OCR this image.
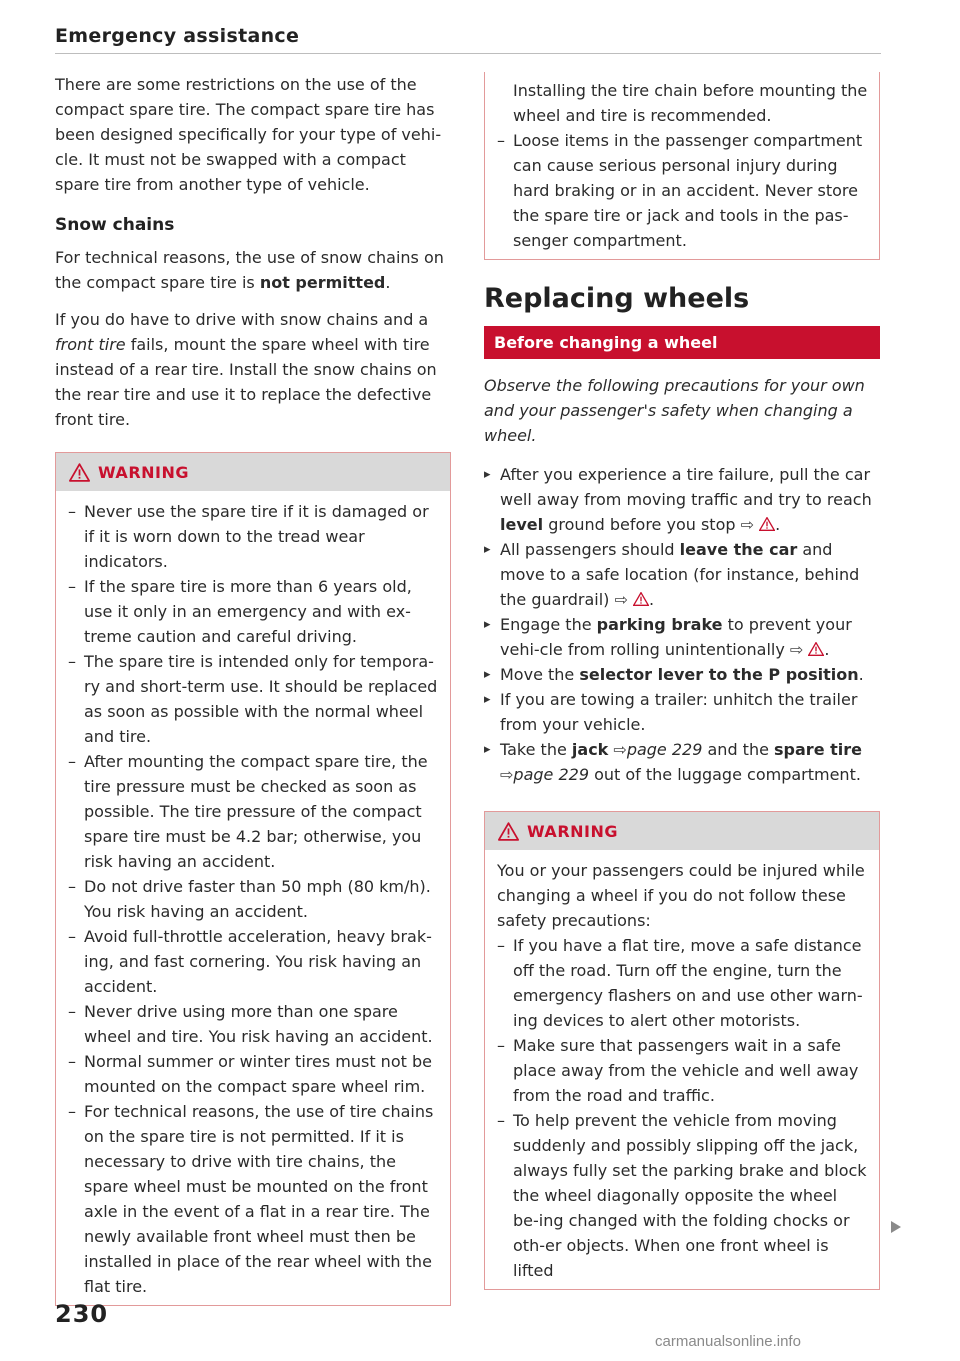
Emergency assistance

There are some restrictions on the use of the compact spare tire. The compact spare tire has been designed specifically for your type of vehi-cle. It must not be swapped with a compact spare tire from another type of vehicle.

Snow chains

For technical reasons, the use of snow chains on the compact spare tire is not permitted.

If you do have to drive with snow chains and a front tire fails, mount the spare wheel with tire instead of a rear tire. Install the snow chains on the rear tire and use it to replace the defective front tire.

WARNING
– Never use the spare tire if it is damaged or if it is worn down to the tread wear indicators.
– If the spare tire is more than 6 years old, use it only in an emergency and with ex-treme caution and careful driving.
– The spare tire is intended only for tempora-ry and short-term use. It should be replaced as soon as possible with the normal wheel and tire.
– After mounting the compact spare tire, the tire pressure must be checked as soon as possible. The tire pressure of the compact spare tire must be 4.2 bar; otherwise, you risk having an accident.
– Do not drive faster than 50 mph (80 km/h). You risk having an accident.
– Avoid full-throttle acceleration, heavy brak-ing, and fast cornering. You risk having an accident.
– Never drive using more than one spare wheel and tire. You risk having an accident.
– Normal summer or winter tires must not be mounted on the compact spare wheel rim.
– For technical reasons, the use of tire chains on the spare tire is not permitted. If it is necessary to drive with tire chains, the spare wheel must be mounted on the front axle in the event of a flat in a rear tire. The newly available front wheel must then be installed in place of the rear wheel with the flat tire.

Installing the tire chain before mounting the wheel and tire is recommended.

– Loose items in the passenger compartment can cause serious personal injury during hard braking or in an accident. Never store the spare tire or jack and tools in the pas-senger compartment.
Replacing wheels
Before changing a wheel

Observe the following precautions for your own and your passenger's safety when changing a wheel.

▸ After you experience a tire failure, pull the car well away from moving traffic and try to reach level ground before you stop ⇨ .
▸ All passengers should leave the car and move to a safe location (for instance, behind the guardrail) ⇨ .
▸ Engage the parking brake to prevent your vehi-cle from rolling unintentionally ⇨ .
▸ Move the selector lever to the P position.
▸ If you are towing a trailer: unhitch the trailer from your vehicle.
▸ Take the jack ⇨page 229 and the spare tire ⇨page 229 out of the luggage compartment.
WARNING

You or your passengers could be injured while changing a wheel if you do not follow these safety precautions:

– If you have a flat tire, move a safe distance off the road. Turn off the engine, turn the emergency flashers on and use other warn-ing devices to alert other motorists.
– Make sure that passengers wait in a safe place away from the vehicle and well away from the road and traffic.
– To help prevent the vehicle from moving suddenly and possibly slipping off the jack, always fully set the parking brake and block the wheel diagonally opposite the wheel be-ing changed with the folding chocks or oth-er objects. When one front wheel is lifted
230
carmanualsonline.info
